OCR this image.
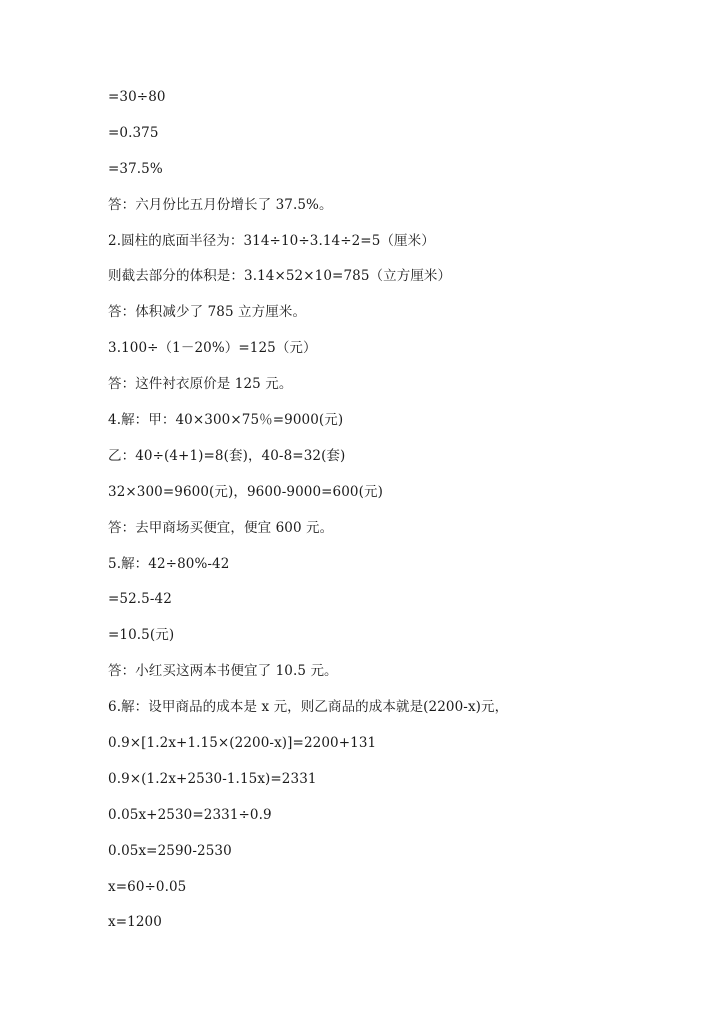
=30÷80
=0.375
=37.5%
答：六月份比五月份增长了 37.5%。
2.圆柱的底面半径为：314÷10÷3.14÷2=5（厘米）
则截去部分的体积是：3.14×52×10=785（立方厘米）
答：体积减少了 785 立方厘米。
3.100÷（1－20%）=125（元）
答：这件衬衣原价是 125 元。
4.解：甲：40×300×75％=9000(元)
乙：40÷(4+1)=8(套)，40-8=32(套)
32×300=9600(元)，9600-9000=600(元)
答：去甲商场买便宜，便宜 600 元。
5.解：42÷80%-42
=52.5-42
=10.5(元)
答：小红买这两本书便宜了 10.5 元。
6.解：设甲商品的成本是 x 元，则乙商品的成本就是(2200-x)元，
0.9×[1.2x+1.15×(2200-x)]=2200+131
0.9×(1.2x+2530-1.15x)=2331
0.05x+2530=2331÷0.9
0.05x=2590-2530
x=60÷0.05
x=1200
